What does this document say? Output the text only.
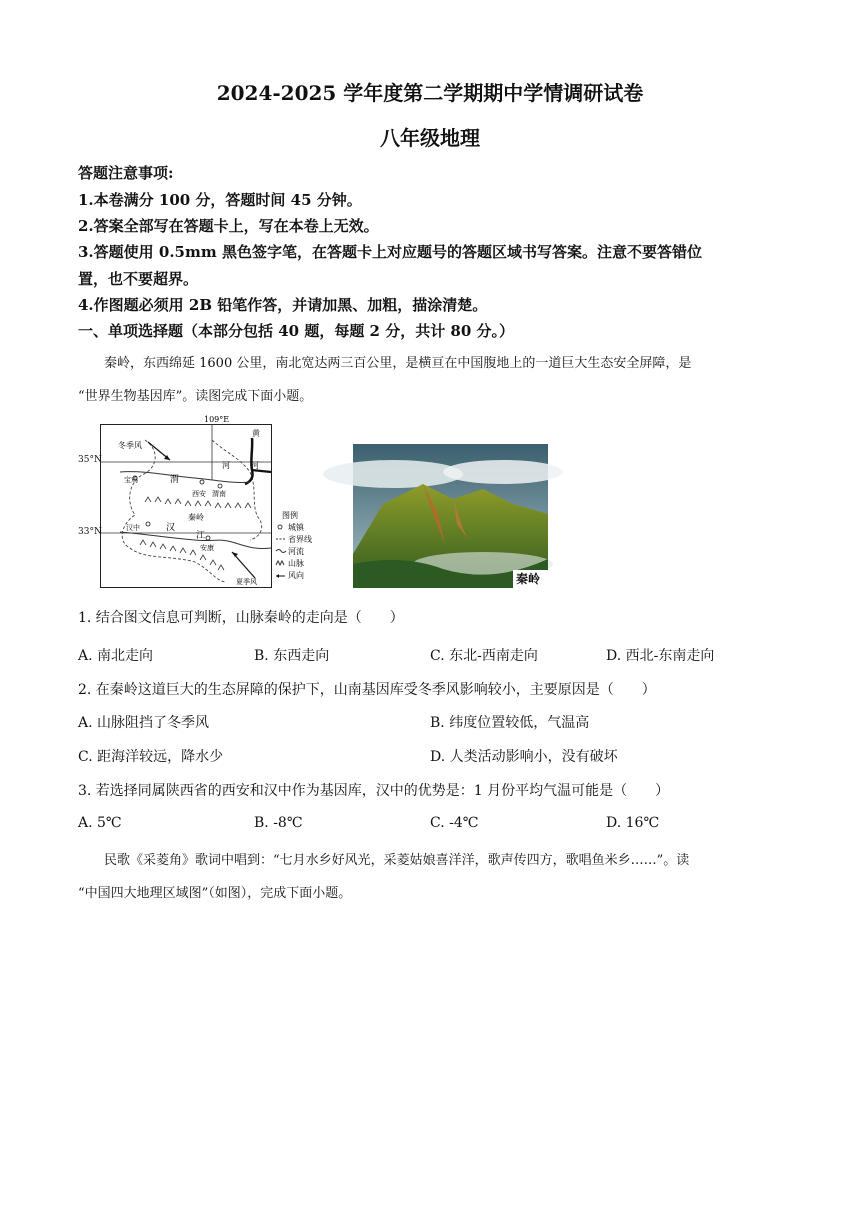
2024-2025 学年度第二学期期中学情调研试卷
八年级地理
答题注意事项:
1.本卷满分 100 分，答题时间 45 分钟。
2.答案全部写在答题卡上，写在本卷上无效。
3.答题使用 0.5mm 黑色签字笔，在答题卡上对应题号的答题区域书写答案。注意不要答错位
置，也不要超界。
4.作图题必须用 2B 铅笔作答，并请加黑、加粗，描涂清楚。
一、单项选择题（本部分包括 40 题，每题 2 分，共计 80 分。）
秦岭，东西绵延 1600 公里，南北宽达两三百公里，是横亘在中国腹地上的一道巨大生态安全屏障，是
“世界生物基因库”。读图完成下面小题。
冬季风
黄
河	河
宝鸡	渭
渭南
西安
秦岭
汉中	汉
江
安康
夏季风
109°E
图例
城镇
省界线
河流
山脉
风向
35°N
33°N
秦岭
1. 结合图文信息可判断，山脉秦岭的走向是（　　）
A. 南北走向	B. 东西走向	C. 东北-西南走向	D. 西北-东南走向
2. 在秦岭这道巨大的生态屏障的保护下，山南基因库受冬季风影响较小，主要原因是（　　）
A. 山脉阻挡了冬季风	B. 纬度位置较低，气温高
C. 距海洋较远，降水少	D. 人类活动影响小，没有破坏
3. 若选择同属陕西省的西安和汉中作为基因库，汉中的优势是：1 月份平均气温可能是（　　）
A. 5℃	B. -8℃	C. -4℃	D. 16℃
民歌《采菱角》歌词中唱到：“七月水乡好风光，采菱姑娘喜洋洋，歌声传四方，歌唱鱼米乡……”。读
“中国四大地理区域图”（如图），完成下面小题。
